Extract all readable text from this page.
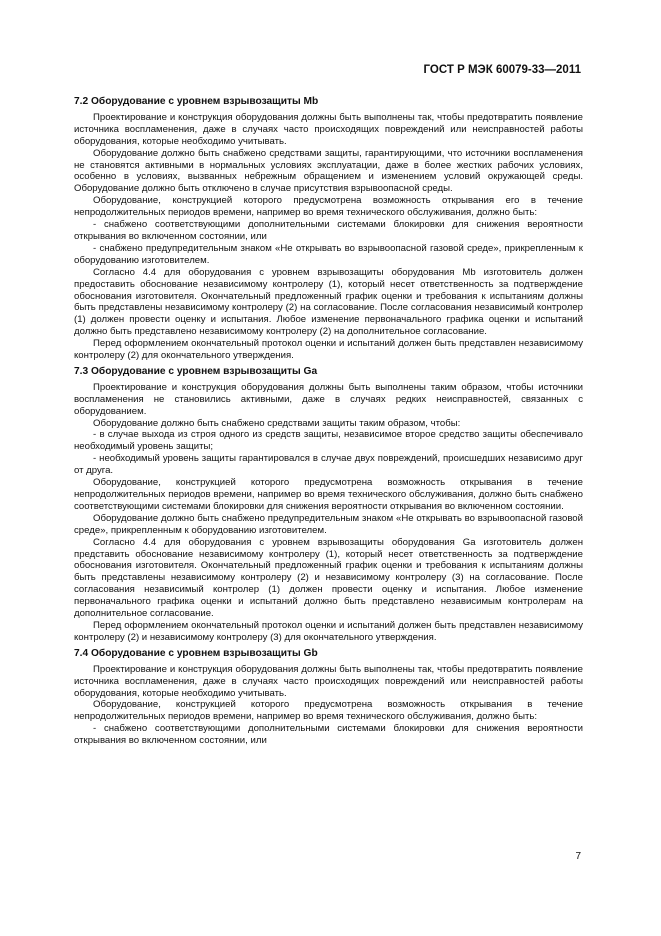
ГОСТ Р МЭК 60079-33—2011
7.2 Оборудование с уровнем взрывозащиты Mb

Проектирование и конструкция оборудования должны быть выполнены так, чтобы предотвратить появление источника воспламенения, даже в случаях часто происходящих повреждений или неисправностей работы оборудования, которые необходимо учитывать.

Оборудование должно быть снабжено средствами защиты, гарантирующими, что источники воспламенения не становятся активными в нормальных условиях эксплуатации, даже в более жестких рабочих условиях, особенно в условиях, вызванных небрежным обращением и изменением условий окружающей среды. Оборудование должно быть отключено в случае присутствия взрывоопасной среды.

Оборудование, конструкцией которого предусмотрена возможность открывания его в течение непродолжительных периодов времени, например во время технического обслуживания, должно быть:

- снабжено соответствующими дополнительными системами блокировки для снижения вероятности открывания во включенном состоянии, или

- снабжено предупредительным знаком «Не открывать во взрывоопасной газовой среде», прикрепленным к оборудованию изготовителем.

Согласно 4.4 для оборудования с уровнем взрывозащиты оборудования Mb изготовитель должен предоставить обоснование независимому контролеру (1), который несет ответственность за подтверждение обоснования изготовителя. Окончательный предложенный график оценки и требования к испытаниям должны быть представлены независимому контролеру (2) на согласование. После согласования независимый контролер (1) должен провести оценку и испытания. Любое изменение первоначального графика оценки и испытаний должно быть представлено независимому контролеру (2) на дополнительное согласование.

Перед оформлением окончательный протокол оценки и испытаний должен быть представлен независимому контролеру (2) для окончательного утверждения.

7.3 Оборудование с уровнем взрывозащиты Ga

Проектирование и конструкция оборудования должны быть выполнены таким образом, чтобы источники воспламенения не становились активными, даже в случаях редких неисправностей, связанных с оборудованием.

Оборудование должно быть снабжено средствами защиты таким образом, чтобы:

- в случае выхода из строя одного из средств защиты, независимое второе средство защиты обеспечивало необходимый уровень защиты;

- необходимый уровень защиты гарантировался в случае двух повреждений, происшедших независимо друг от друга.

Оборудование, конструкцией которого предусмотрена возможность открывания в течение непродолжительных периодов времени, например во время технического обслуживания, должно быть снабжено соответствующими системами блокировки для снижения вероятности открывания во включенном состоянии.

Оборудование должно быть снабжено предупредительным знаком «Не открывать во взрывоопасной газовой среде», прикрепленным к оборудованию изготовителем.

Согласно 4.4 для оборудования с уровнем взрывозащиты оборудования Ga изготовитель должен представить обоснование независимому контролеру (1), который несет ответственность за подтверждение обоснования изготовителя. Окончательный предложенный график оценки и требования к испытаниям должны быть представлены независимому контролеру (2) и независимому контролеру (3) на согласование. После согласования независимый контролер (1) должен провести оценку и испытания. Любое изменение первоначального графика оценки и испытаний должно быть представлено независимым контролерам на дополнительное согласование.

Перед оформлением окончательный протокол оценки и испытаний должен быть представлен независимому контролеру (2) и независимому контролеру (3) для окончательного утверждения.

7.4 Оборудование с уровнем взрывозащиты Gb

Проектирование и конструкция оборудования должны быть выполнены так, чтобы предотвратить появление источника воспламенения, даже в случаях часто происходящих повреждений или неисправностей работы оборудования, которые необходимо учитывать.

Оборудование, конструкцией которого предусмотрена возможность открывания в течение непродолжительных периодов времени, например во время технического обслуживания, должно быть:

- снабжено соответствующими дополнительными системами блокировки для снижения вероятности открывания во включенном состоянии, или

7
